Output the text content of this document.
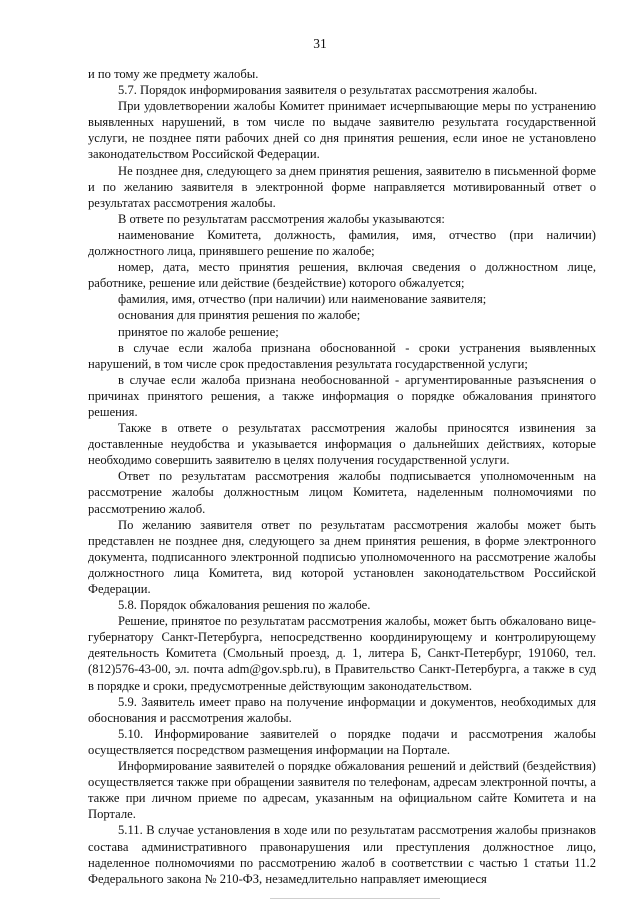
31

и по тому же предмету жалобы.

5.7. Порядок информирования заявителя о результатах рассмотрения жалобы.

При удовлетворении жалобы Комитет принимает исчерпывающие меры по устранению выявленных нарушений, в том числе по выдаче заявителю результата государственной услуги, не позднее пяти рабочих дней со дня принятия решения, если иное не установлено законодательством Российской Федерации.

Не позднее дня, следующего за днем принятия решения, заявителю в письменной форме и по желанию заявителя в электронной форме направляется мотивированный ответ о результатах рассмотрения жалобы.

В ответе по результатам рассмотрения жалобы указываются:

наименование Комитета, должность, фамилия, имя, отчество (при наличии) должностного лица, принявшего решение по жалобе;

номер, дата, место принятия решения, включая сведения о должностном лице, работнике, решение или действие (бездействие) которого обжалуется;

фамилия, имя, отчество (при наличии) или наименование заявителя;

основания для принятия решения по жалобе;

принятое по жалобе решение;

в случае если жалоба признана обоснованной - сроки устранения выявленных нарушений, в том числе срок предоставления результата государственной услуги;

в случае если жалоба признана необоснованной - аргументированные разъяснения о причинах принятого решения, а также информация о порядке обжалования принятого решения.

Также в ответе о результатах рассмотрения жалобы приносятся извинения за доставленные неудобства и указывается информация о дальнейших действиях, которые необходимо совершить заявителю в целях получения государственной услуги.

Ответ по результатам рассмотрения жалобы подписывается уполномоченным на рассмотрение жалобы должностным лицом Комитета, наделенным полномочиями по рассмотрению жалоб.

По желанию заявителя ответ по результатам рассмотрения жалобы может быть представлен не позднее дня, следующего за днем принятия решения, в форме электронного документа, подписанного электронной подписью уполномоченного на рассмотрение жалобы должностного лица Комитета, вид которой установлен законодательством Российской Федерации.

5.8. Порядок обжалования решения по жалобе.

Решение, принятое по результатам рассмотрения жалобы, может быть обжаловано вице-губернатору Санкт-Петербурга, непосредственно координирующему и контролирующему деятельность Комитета (Смольный проезд, д. 1, литера Б, Санкт-Петербург, 191060, тел. (812)576-43-00, эл. почта adm@gov.spb.ru), в Правительство Санкт-Петербурга, а также в суд в порядке и сроки, предусмотренные действующим законодательством.

5.9. Заявитель имеет право на получение информации и документов, необходимых для обоснования и рассмотрения жалобы.

5.10. Информирование заявителей о порядке подачи и рассмотрения жалобы осуществляется посредством размещения информации на Портале.

Информирование заявителей о порядке обжалования решений и действий (бездействия) осуществляется также при обращении заявителя по телефонам, адресам электронной почты, а также при личном приеме по адресам, указанным на официальном сайте Комитета и на Портале.

5.11. В случае установления в ходе или по результатам рассмотрения жалобы признаков состава административного правонарушения или преступления должностное лицо, наделенное полномочиями по рассмотрению жалоб в соответствии с частью 1 статьи 11.2 Федерального закона № 210-ФЗ, незамедлительно направляет имеющиеся
